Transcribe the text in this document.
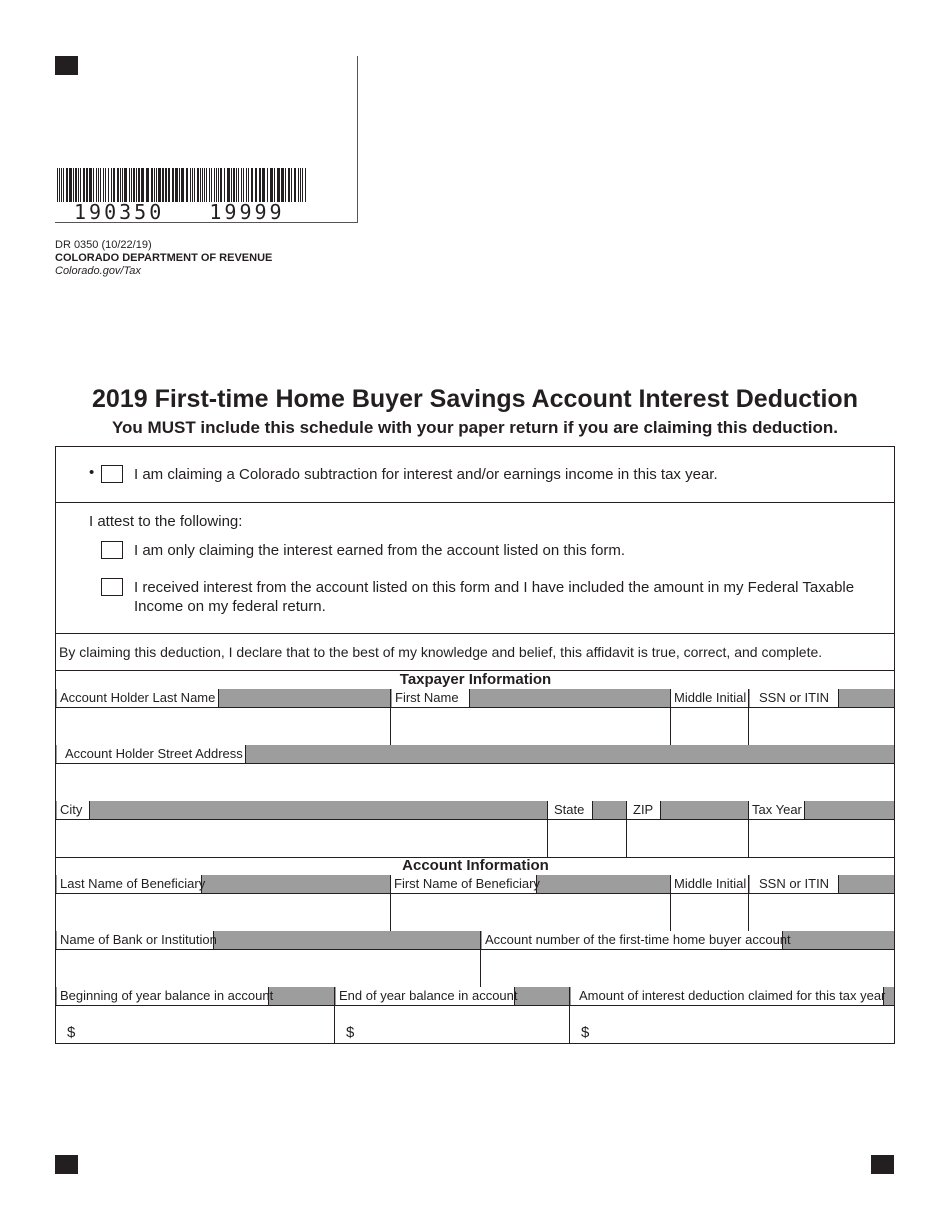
190350 19999
DR 0350 (10/22/19)
COLORADO DEPARTMENT OF REVENUE
Colorado.gov/Tax
2019 First-time Home Buyer Savings Account Interest Deduction
You MUST include this schedule with your paper return if you are claiming this deduction.
•	I am claiming a Colorado subtraction for interest and/or earnings income in this tax year.
I attest to the following:
I am only claiming the interest earned from the account listed on this form.
I received interest from the account listed on this form and I have included the amount in my Federal Taxable
Income on my federal return.
By claiming this deduction, I declare that to the best of my knowledge and belief, this affidavit is true, correct, and complete.
Taxpayer Information
Account Holder Last Name	First Name	Middle Initial SSN or ITIN
Account Holder Street Address
City	State	ZIP	Tax Year
Account Information
Last Name of Beneficiary	First Name of Beneficiary	Middle Initial SSN or ITIN
Name of Bank or Institution	Account number of the first-time home buyer account
Beginning of year balance in account	End of year balance in account	Amount of interest deduction claimed for this tax year
$	$	$
